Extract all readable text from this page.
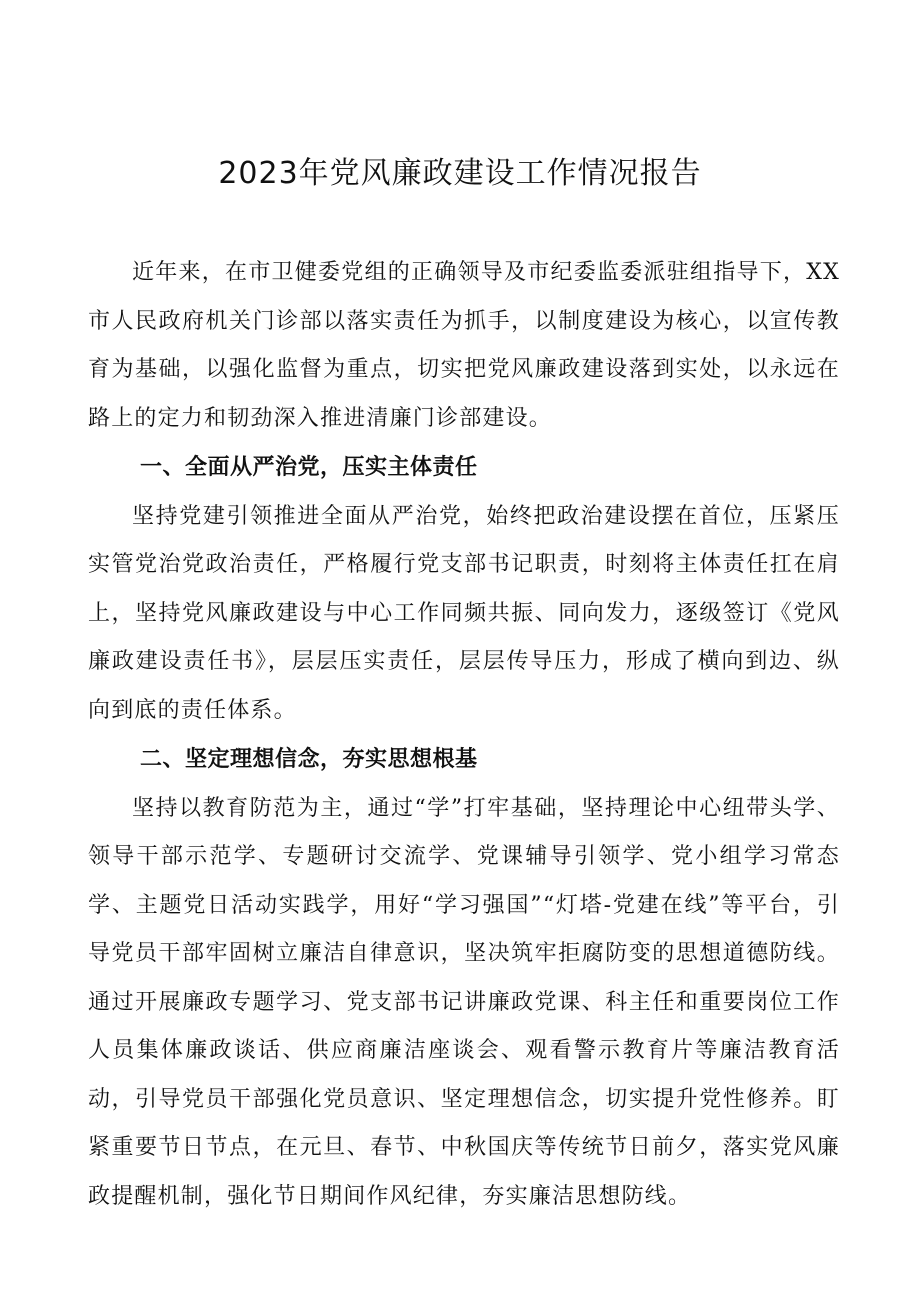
2023年党风廉政建设工作情况报告

近年来，在市卫健委党组的正确领导及市纪委监委派驻组指导下，XX市人民政府机关门诊部以落实责任为抓手，以制度建设为核心，以宣传教育为基础，以强化监督为重点，切实把党风廉政建设落到实处，以永远在路上的定力和韧劲深入推进清廉门诊部建设。

一、全面从严治党，压实主体责任

坚持党建引领推进全面从严治党，始终把政治建设摆在首位，压紧压实管党治党政治责任，严格履行党支部书记职责，时刻将主体责任扛在肩上，坚持党风廉政建设与中心工作同频共振、同向发力，逐级签订《党风廉政建设责任书》，层层压实责任，层层传导压力，形成了横向到边、纵向到底的责任体系。

二、坚定理想信念，夯实思想根基

坚持以教育防范为主，通过“学”打牢基础，坚持理论中心纽带头学、领导干部示范学、专题研讨交流学、党课辅导引领学、党小组学习常态学、主题党日活动实践学，用好“学习强国”“灯塔-党建在线”等平台，引导党员干部牢固树立廉洁自律意识，坚决筑牢拒腐防变的思想道德防线。通过开展廉政专题学习、党支部书记讲廉政党课、科主任和重要岗位工作人员集体廉政谈话、供应商廉洁座谈会、观看警示教育片等廉洁教育活动，引导党员干部强化党员意识、坚定理想信念，切实提升党性修养。盯紧重要节日节点，在元旦、春节、中秋国庆等传统节日前夕，落实党风廉政提醒机制，强化节日期间作风纪律，夯实廉洁思想防线。
